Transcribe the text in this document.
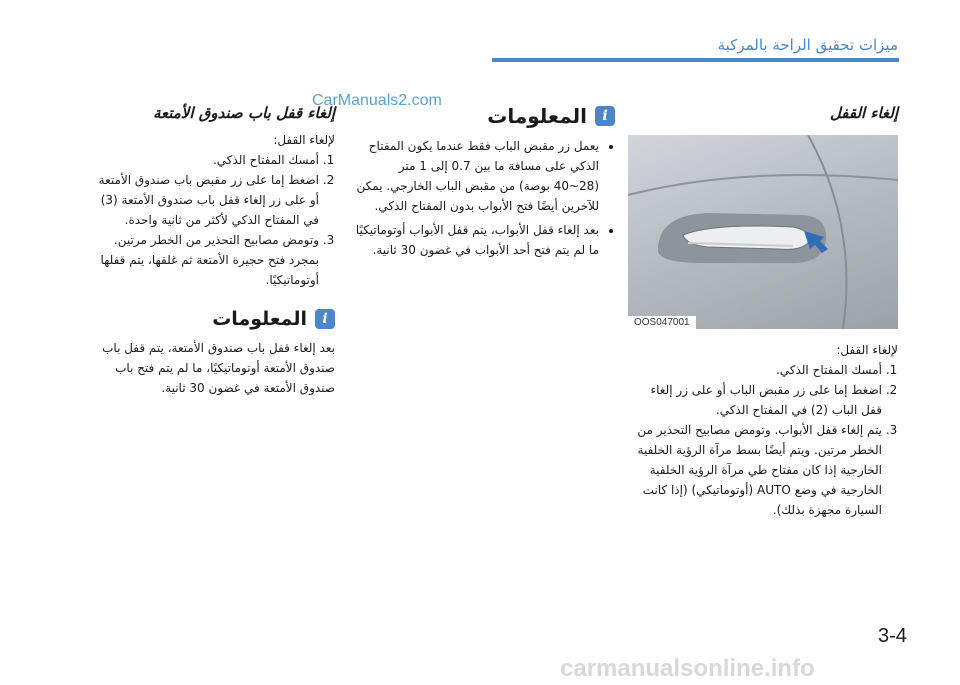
ميزات تحقيق الراحة بالمركبة
CarManuals2.com
إلغاء القفل
OOS047001

لإلغاء القفل:

1. أمسك المفتاح الذكي.
2. اضغط إما على زر مقبض الباب أو على زر إلغاء قفل الباب (2) في المفتاح الذكي.
3. يتم إلغاء قفل الأبواب. وتومض مصابيح التحذير من الخطر مرتين. ويتم أيضًا بسط مرآة الرؤية الخلفية الخارجية إذا كان مفتاح طي مرآة الرؤية الخلفية الخارجية في وضع AUTO (أوتوماتيكي) (إذا كانت السيارة مجهزة بذلك).
i
المعلومات
• يعمل زر مقبض الباب فقط عندما يكون المفتاح الذكي على مسافة ما بين 0.7 إلى 1 متر (28~40 بوصة) من مقبض الباب الخارجي. يمكن للآخرين أيضًا فتح الأبواب بدون المفتاح الذكي.
• بعد إلغاء قفل الأبواب، يتم قفل الأبواب أوتوماتيكيًا ما لم يتم فتح أحد الأبواب في غضون 30 ثانية.
إلغاء قفل باب صندوق الأمتعة

لإلغاء القفل:

1. أمسك المفتاح الذكي.
2. اضغط إما على زر مقبض باب صندوق الأمتعة أو على زر إلغاء قفل باب صندوق الأمتعة (3) في المفتاح الذكي لأكثر من ثانية واحدة.
3. وتومض مصابيح التحذير من الخطر مرتين. بمجرد فتح حجيرة الأمتعة ثم غلقها، يتم قفلها أوتوماتيكيًا.
i
المعلومات

بعد إلغاء قفل باب صندوق الأمتعة، يتم قفل باب صندوق الأمتعة أوتوماتيكيًا، ما لم يتم فتح باب صندوق الأمتعة في غضون 30 ثانية.

3-4
carmanualsonline.info
